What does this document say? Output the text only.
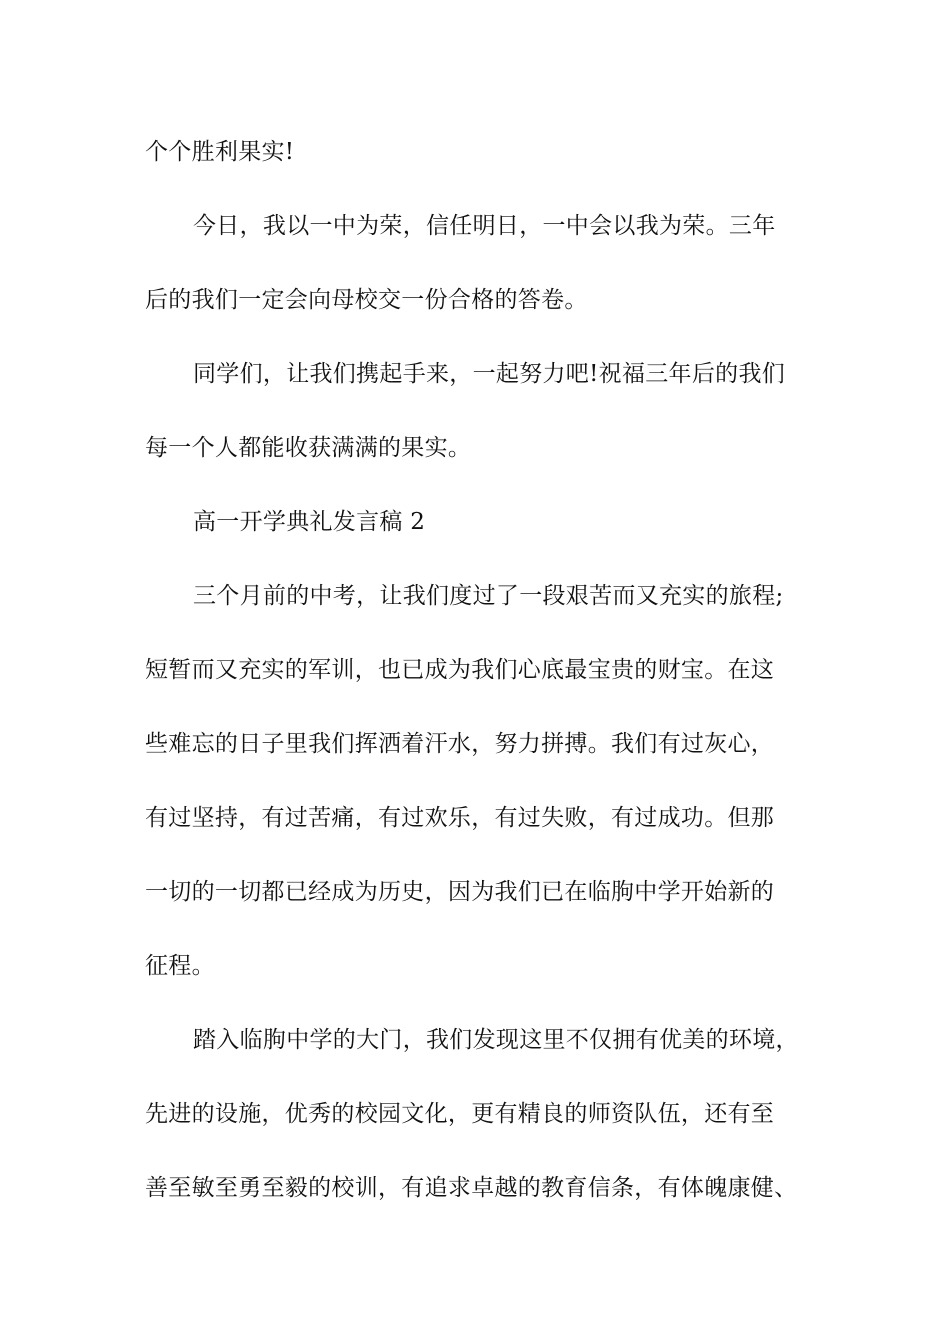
个个胜利果实!
今日，我以一中为荣，信任明日，一中会以我为荣。三年
后的我们一定会向母校交一份合格的答卷。
同学们，让我们携起手来，一起努力吧!祝福三年后的我们
每一个人都能收获满满的果实。
高一开学典礼发言稿 2
三个月前的中考，让我们度过了一段艰苦而又充实的旅程;
短暂而又充实的军训，也已成为我们心底最宝贵的财宝。在这
些难忘的日子里我们挥洒着汗水，努力拼搏。我们有过灰心，
有过坚持，有过苦痛，有过欢乐，有过失败，有过成功。但那
一切的一切都已经成为历史，因为我们已在临朐中学开始新的
征程。
踏入临朐中学的大门，我们发现这里不仅拥有优美的环境，
先进的设施，优秀的校园文化，更有精良的师资队伍，还有至
善至敏至勇至毅的校训，有追求卓越的教育信条，有体魄康健、
